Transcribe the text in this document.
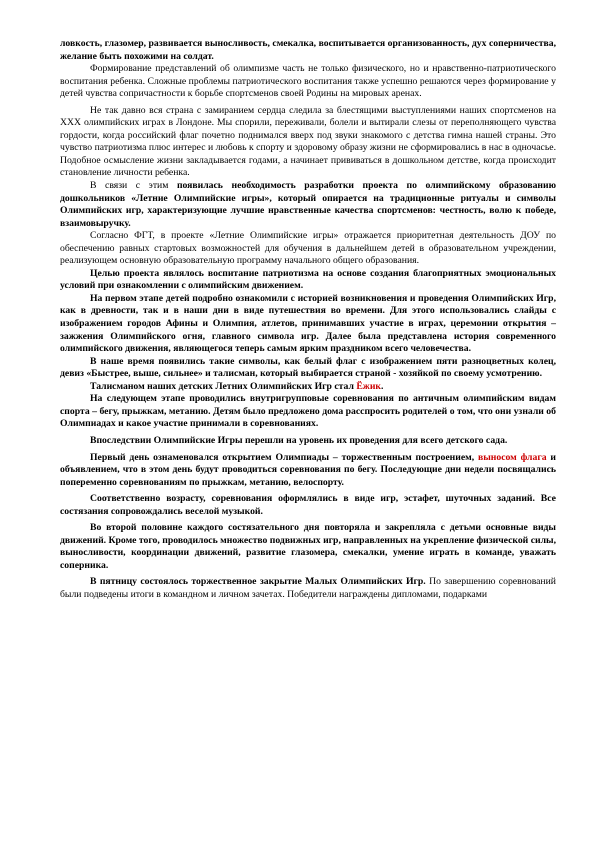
ловкость, глазомер, развивается выносливость, смекалка, воспитывается организованность, дух соперничества, желание быть похожими на солдат.

Формирование представлений об олимпизме часть не только физического, но и нравственно-патриотического воспитания ребенка. Сложные проблемы патриотического воспитания также успешно решаются через формирование у детей чувства сопричастности к борьбе спортсменов своей Родины на мировых аренах.

Не так давно вся страна с замиранием сердца следила за блестящими выступлениями наших спортсменов на XXX олимпийских играх в Лондоне. Мы спорили, переживали, болели и вытирали слезы от переполняющего чувства гордости, когда российский флаг почетно поднимался вверх под звуки знакомого с детства гимна нашей страны. Это чувство патриотизма плюс интерес и любовь к спорту и здоровому образу жизни не сформировались в нас в одночасье. Подобное осмысление жизни закладывается годами, а начинает прививаться в дошкольном детстве, когда происходит становление личности ребенка.

В связи с этим появилась необходимость разработки проекта по олимпийскому образованию дошкольников «Летние Олимпийские игры», который опирается на традиционные ритуалы и символы Олимпийских игр, характеризующие лучшие нравственные качества спортсменов: честность, волю к победе, взаимовыручку.

Согласно ФГТ, в проекте «Летние Олимпийские игры» отражается приоритетная деятельность ДОУ по обеспечению равных стартовых возможностей для обучения в дальнейшем детей в образовательном учреждении, реализующем основную образовательную программу начального общего образования.

Целью проекта являлось воспитание патриотизма на основе создания благоприятных эмоциональных условий при ознакомлении с олимпийским движением.

На первом этапе детей подробно ознакомили с историей возникновения и проведения Олимпийских Игр, как в древности, так и в наши дни в виде путешествия во времени. Для этого использовались слайды с изображением городов Афины и Олимпия, атлетов, принимавших участие в играх, церемонии открытия – зажжения Олимпийского огня, главного символа игр. Далее была представлена история современного олимпийского движения, являющегося теперь самым ярким праздником всего человечества.

В наше время появились такие символы, как белый флаг с изображением пяти разноцветных колец, девиз «Быстрее, выше, сильнее» и талисман, который выбирается страной - хозяйкой по своему усмотрению.

Талисманом наших детских Летних Олимпийских Игр стал Ёжик.

На следующем этапе проводились внутригрупповые соревнования по античным олимпийским видам спорта – бегу, прыжкам, метанию. Детям было предложено дома расспросить родителей о том, что они узнали об Олимпиадах и какое участие принимали в соревнованиях.

Впоследствии Олимпийские Игры перешли на уровень их проведения для всего детского сада.

Первый день ознаменовался открытием Олимпиады – торжественным построением, выносом флага и объявлением, что в этом день будут проводиться соревнования по бегу. Последующие дни недели посвящались попеременно соревнованиям по прыжкам, метанию, велоспорту.

Соответственно возрасту, соревнования оформлялись в виде игр, эстафет, шуточных заданий. Все состязания сопровождались веселой музыкой.

Во второй половине каждого состязательного дня повторяла и закрепляла с детьми основные виды движений. Кроме того, проводилось множество подвижных игр, направленных на укрепление физической силы, выносливости, координации движений, развитие глазомера, смекалки, умение играть в команде, уважать соперника.

В пятницу состоялось торжественное закрытие Малых Олимпийских Игр. По завершению соревнований были подведены итоги в командном и личном зачетах. Победители награждены дипломами, подарками
